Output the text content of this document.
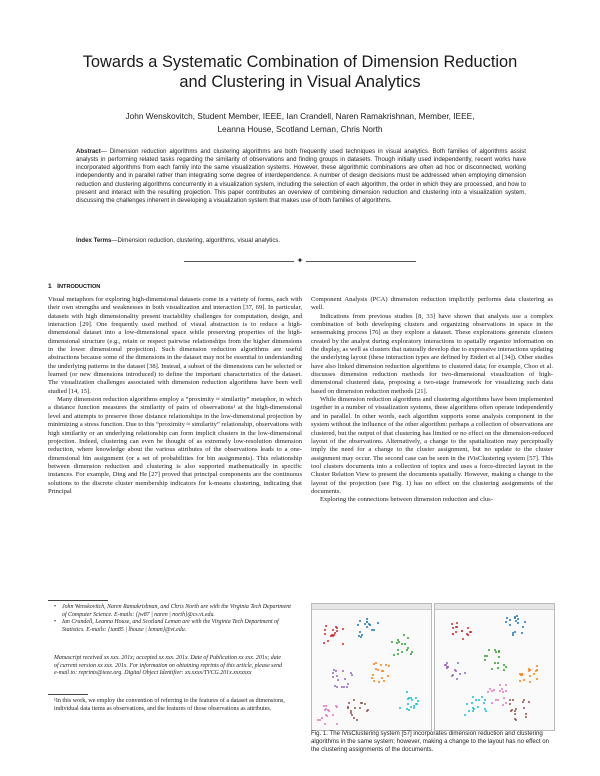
Towards a Systematic Combination of Dimension Reduction
and Clustering in Visual Analytics
John Wenskovitch, Student Member, IEEE, Ian Crandell, Naren Ramakrishnan, Member, IEEE,
Leanna House, Scotland Leman, Chris North
Abstract— Dimension reduction algorithms and clustering algorithms are both frequently used techniques in visual analytics. Both families of algorithms assist analysts in performing related tasks regarding the similarity of observations and finding groups in datasets. Though initially used independently, recent works have incorporated algorithms from each family into the same visualization systems. However, these algorithmic combinations are often ad hoc or disconnected, working independently and in parallel rather than integrating some degree of interdependence. A number of design decisions must be addressed when employing dimension reduction and clustering algorithms concurrently in a visualization system, including the selection of each algorithm, the order in which they are processed, and how to present and interact with the resulting projection. This paper contributes an overview of combining dimension reduction and clustering into a visualization system, discussing the challenges inherent in developing a visualization system that makes use of both families of algorithms.
Index Terms—Dimension reduction, clustering, algorithms, visual analytics.
✦
1 INTRODUCTION

Visual metaphors for exploring high-dimensional datasets come in a variety of forms, each with their own strengths and weaknesses in both visualization and interaction [37, 69]. In particular, datasets with high dimensionality present tractability challenges for computation, design, and interaction [29]. One frequently used method of visual abstraction is to reduce a high-dimensional dataset into a low-dimensional space while preserving properties of the high-dimensional structure (e.g., retain or respect pairwise relationships from the higher dimensions in the lower dimensional projection). Such dimension reduction algorithms are useful abstractions because some of the dimensions in the dataset may not be essential to understanding the underlying patterns in the dataset [38]. Instead, a subset of the dimensions can be selected or learned (or new dimensions introduced) to define the important characteristics of the dataset. The visualization challenges associated with dimension reduction algorithms have been well studied [14, 15].

Many dimension reduction algorithms employ a “proximity ≈ similarity” metaphor, in which a distance function measures the similarity of pairs of observations¹ at the high-dimensional level and attempts to preserve those distance relationships in the low-dimensional projection by minimizing a stress function. Due to this “proximity ≈ similarity” relationship, observations with high similarity or an underlying relationship can form implicit clusters in the low-dimensional projection. Indeed, clustering can even be thought of as extremely low-resolution dimension reduction, where knowledge about the various attributes of the observations leads to a one-dimensional bin assignment (or a set of probabilities for bin assignments). This relationship between dimension reduction and clustering is also supported mathematically in specific instances. For example, Ding and He [27] proved that principal components are the continuous solutions to the discrete cluster membership indicators for k-means clustering, indicating that Principal

Component Analysis (PCA) dimension reduction implicitly performs data clustering as well.

Indications from previous studies [8, 33] have shown that analysts use a complex combination of both developing clusters and organizing observations in space in the sensemaking process [76] as they explore a dataset. These explorations generate clusters created by the analyst during exploratory interactions to spatially organize information on the display, as well as clusters that naturally develop due to expressive interactions updating the underlying layout (these interaction types are defined by Endert et al [34]). Other studies have also linked dimension reduction algorithms to clustered data; for example, Choo et al. discusses dimension reduction methods for two-dimensional visualization of high-dimensional clustered data, proposing a two-stage framework for visualizing such data based on dimension reduction methods [21].

While dimension reduction algorithms and clustering algorithms have been implemented together in a number of visualization systems, these algorithms often operate independently and in parallel. In other words, each algorithm supports some analysis component in the system without the influence of the other algorithm: perhaps a collection of observations are clustered, but the output of that clustering has limited or no effect on the dimension-reduced layout of the observations. Alternatively, a change to the spatialization may perceptually imply the need for a change to the cluster assignment, but no update to the cluster assignment may occur. The second case can be seen in the iVisClustering system [57]. This tool clusters documents into a collection of topics and uses a force-directed layout in the Cluster Relation View to present the documents spatially. However, making a change to the layout of the projection (see Fig. 1) has no effect on the clustering assignments of the documents.

Exploring the connections between dimension reduction and clus-

•	John Wenskovitch, Naren Ramakrishnan, and Chris North are with the Virginia Tech Department of Computer Science. E-mails: {jw87 | naren | north}@cs.vt.edu.
•	Ian Crandell, Leanna House, and Scotland Leman are with the Virginia Tech Department of Statistics. E-mails: {ian85 | lhouse | leman}@vt.edu.
Manuscript received xx xxx. 201x; accepted xx xxx. 201x. Date of Publication xx xxx. 201x; date of current version xx xxx. 201x. For information on obtaining reprints of this article, please send e-mail to: reprints@ieee.org. Digital Object Identifier: xx.xxxx/TVCG.201x.xxxxxxx
¹In this work, we employ the convention of referring to the features of a dataset as dimensions, individual data items as observations, and the features of those observations as attributes.
Fig. 1. The iVisClustering system [57] incorporates dimension reduction and clustering algorithms in the same system; however, making a change to the layout has no effect on the clustering assignments of the documents.
